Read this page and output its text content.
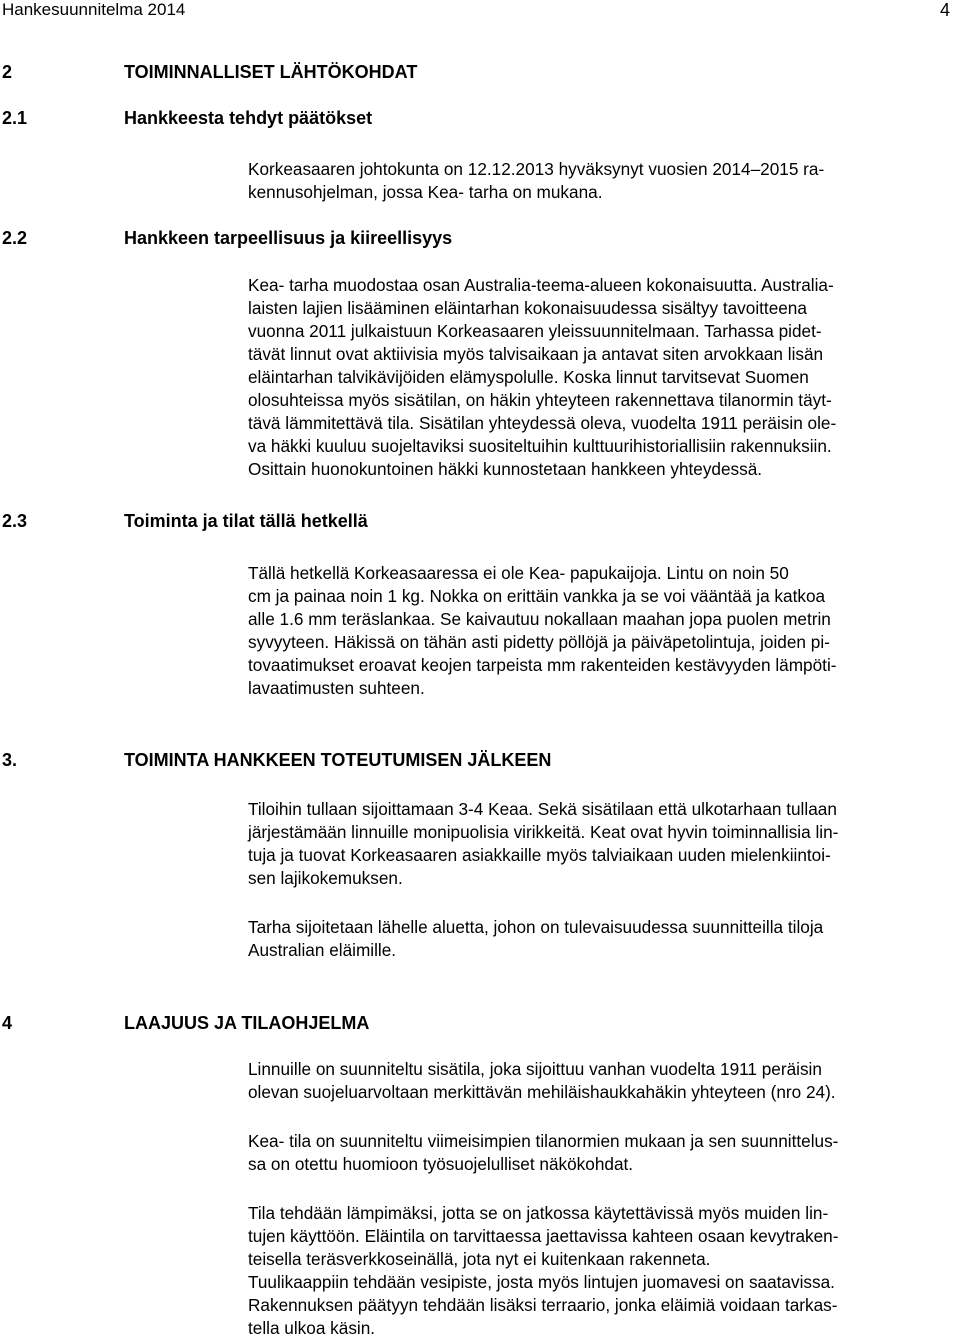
Hankesuunnitelma 2014	4
2	TOIMINNALLISET LÄHTÖKOHDAT
2.1	Hankkeesta tehdyt päätökset
Korkeasaaren johtokunta on 12.12.2013 hyväksynyt vuosien 2014–2015 ra-
kennusohjelman, jossa Kea- tarha on mukana.
2.2	Hankkeen tarpeellisuus ja kiireellisyys
Kea- tarha muodostaa osan Australia-teema-alueen kokonaisuutta. Australia-
laisten lajien lisääminen eläintarhan kokonaisuudessa sisältyy tavoitteena
vuonna 2011 julkaistuun Korkeasaaren yleissuunnitelmaan. Tarhassa pidet-
tävät linnut ovat aktiivisia myös talvisaikaan ja antavat siten arvokkaan lisän
eläintarhan talvikävijöiden elämyspolulle. Koska linnut tarvitsevat Suomen
olosuhteissa myös sisätilan, on häkin yhteyteen rakennettava tilanormin täyt-
tävä lämmitettävä tila. Sisätilan yhteydessä oleva, vuodelta 1911 peräisin ole-
va häkki kuuluu suojeltaviksi suositeltuihin kulttuurihistoriallisiin rakennuksiin.
Osittain huonokuntoinen häkki kunnostetaan hankkeen yhteydessä.
2.3	Toiminta ja tilat tällä hetkellä
Tällä hetkellä Korkeasaaressa ei ole Kea- papukaijoja. Lintu on noin 50
cm ja painaa noin 1 kg. Nokka on erittäin vankka ja se voi vääntää ja katkoa
alle 1.6 mm teräslankaa. Se kaivautuu nokallaan maahan jopa puolen metrin
syvyyteen. Häkissä on tähän asti pidetty pöllöjä ja päiväpetolintuja, joiden pi-
tovaatimukset eroavat keojen tarpeista mm rakenteiden kestävyyden lämpöti-
lavaatimusten suhteen.
3.	TOIMINTA HANKKEEN TOTEUTUMISEN JÄLKEEN
Tiloihin tullaan sijoittamaan 3-4 Keaa. Sekä sisätilaan että ulkotarhaan tullaan
järjestämään linnuille monipuolisia virikkeitä. Keat ovat hyvin toiminnallisia lin-
tuja ja tuovat Korkeasaaren asiakkaille myös talviaikaan uuden mielenkiintoi-
sen lajikokemuksen.
Tarha sijoitetaan lähelle aluetta, johon on tulevaisuudessa suunnitteilla tiloja
Australian eläimille.
4	LAAJUUS JA TILAOHJELMA
Linnuille on suunniteltu sisätila, joka sijoittuu vanhan vuodelta 1911 peräisin
olevan suojeluarvoltaan merkittävän mehiläishaukkahäkin yhteyteen (nro 24).
Kea- tila on suunniteltu viimeisimpien tilanormien mukaan ja sen suunnittelus-
sa on otettu huomioon työsuojelulliset näkökohdat.
Tila tehdään lämpimäksi, jotta se on jatkossa käytettävissä myös muiden lin-
tujen käyttöön. Eläintila on tarvittaessa jaettavissa kahteen osaan kevytraken-
teisella teräsverkkoseinällä, jota nyt ei kuitenkaan rakenneta.
Tuulikaappiin tehdään vesipiste, josta myös lintujen juomavesi on saatavissa.
Rakennuksen päätyyn tehdään lisäksi terraario, jonka eläimiä voidaan tarkas-
tella ulkoa käsin.
